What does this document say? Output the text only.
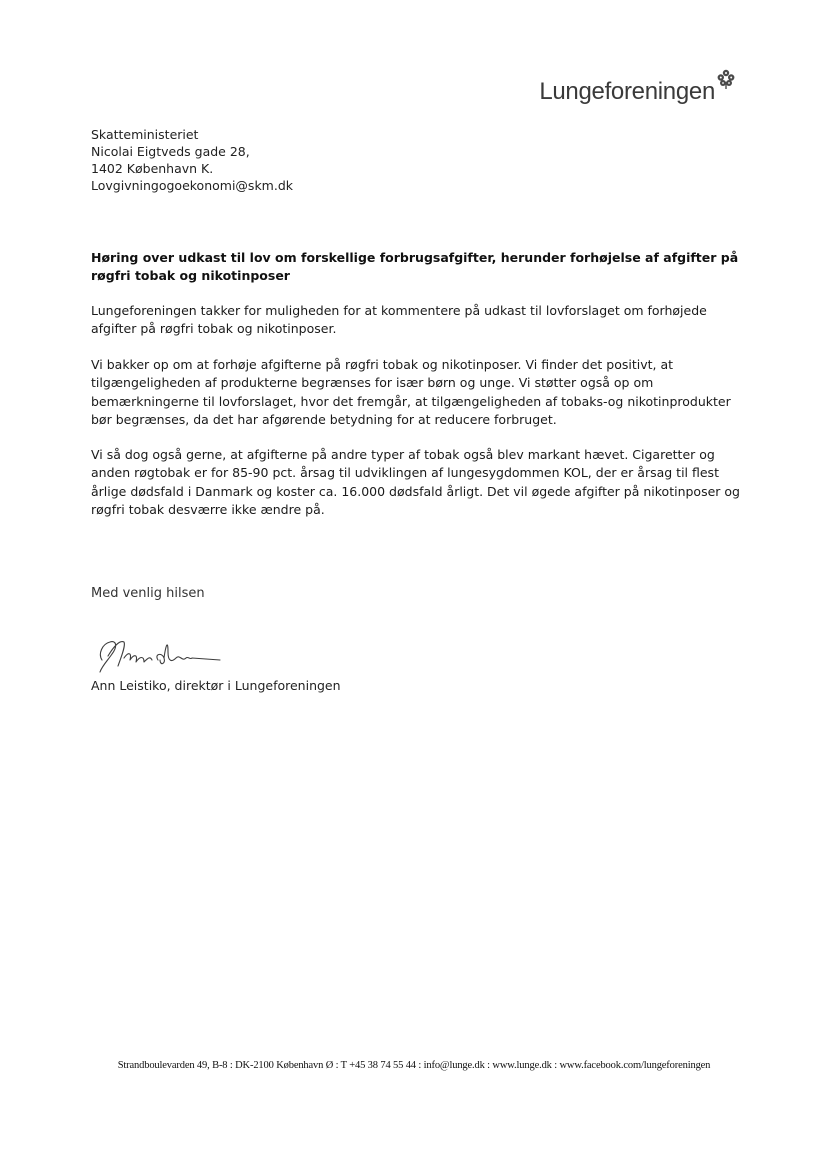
Lungeforeningen
Skatteministeriet
Nicolai Eigtveds gade 28,
1402 København K.
Lovgivningogoekonomi@skm.dk
Høring over udkast til lov om forskellige forbrugsafgifter, herunder forhøjelse af afgifter på røgfri tobak og nikotinposer
Lungeforeningen takker for muligheden for at kommentere på udkast til lovforslaget om forhøjede afgifter på røgfri tobak og nikotinposer.
Vi bakker op om at forhøje afgifterne på røgfri tobak og nikotinposer. Vi finder det positivt, at tilgængeligheden af produkterne begrænses for især børn og unge. Vi støtter også op om bemærkningerne til lovforslaget, hvor det fremgår, at tilgængeligheden af tobaks-og nikotinprodukter bør begrænses, da det har afgørende betydning for at reducere forbruget.
Vi så dog også gerne, at afgifterne på andre typer af tobak også blev markant hævet. Cigaretter og anden røgtobak er for 85-90 pct. årsag til udviklingen af lungesygdommen KOL, der er årsag til flest årlige dødsfald i Danmark og koster ca. 16.000 dødsfald årligt. Det vil øgede afgifter på nikotinposer og røgfri tobak desværre ikke ændre på.
Med venlig hilsen
Ann Leistiko, direktør i Lungeforeningen
Strandboulevarden 49, B-8 : DK-2100 København Ø : T +45 38 74 55 44 : info@lunge.dk : www.lunge.dk : www.facebook.com/lungeforeningen
